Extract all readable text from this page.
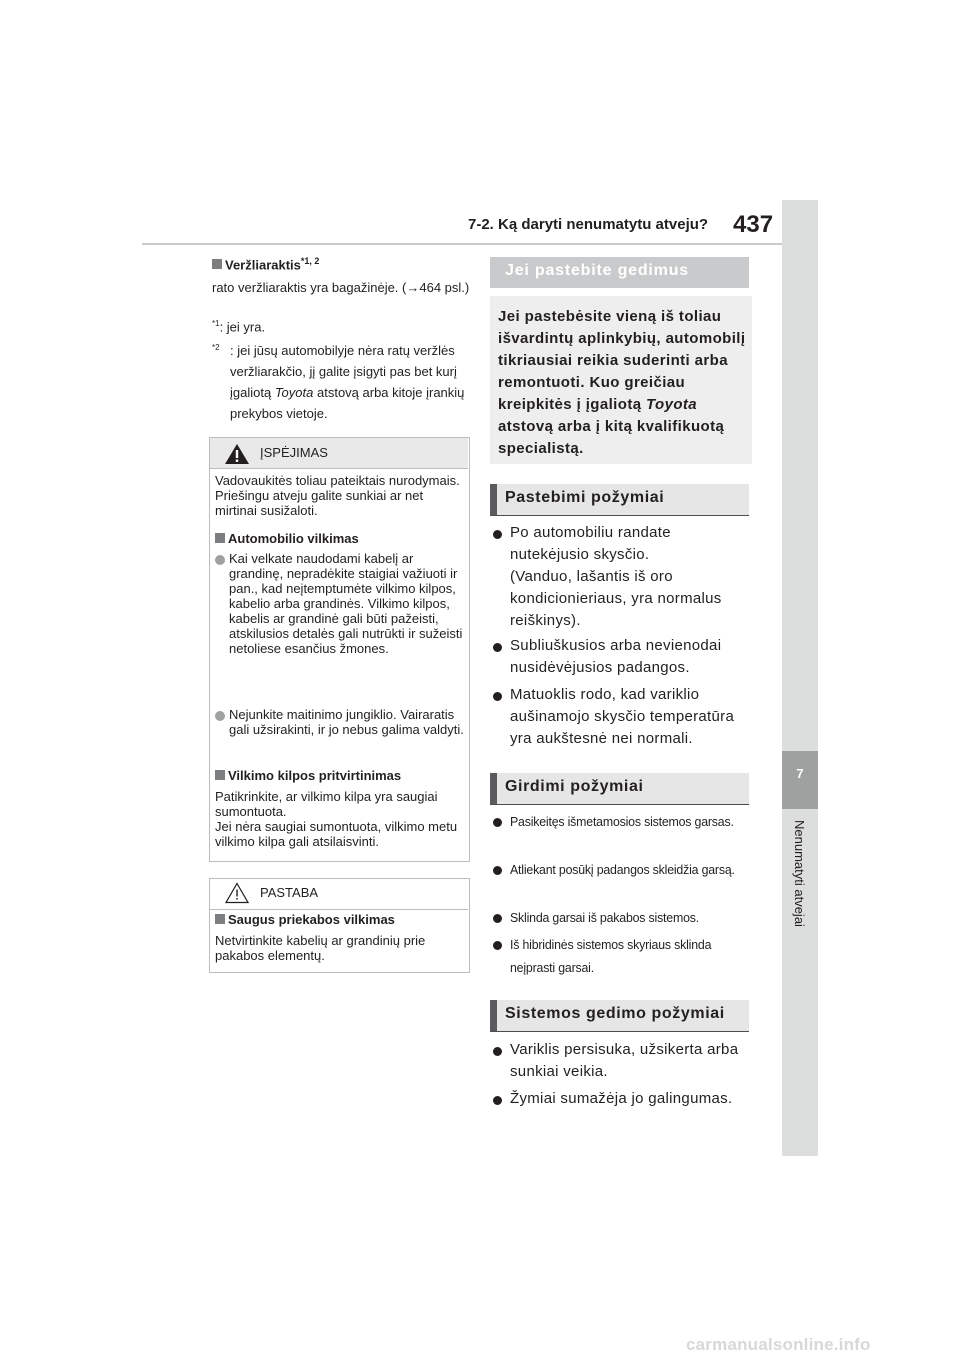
7-2. Ką daryti nenumatytu atveju? 437
7
Nenumatyti atvejai
Veržliaraktis$^{*1, 2}$
rato veržliaraktis yra bagažinėje. (→464 psl.)
$^{*1}$: jei yra.
$^{*2}$ : jei jūsų automobilyje nėra ratų veržlės veržliarakčio, jį galite įsigyti pas bet kurį įgaliotą Toyota atstovą arba kitoje įrankių prekybos vietoje.
ĮSPĖJIMAS
Vadovaukitės toliau pateiktais nurodymais. Priešingu atveju galite sunkiai ar net mirtinai susižaloti.
Automobilio vilkimas
Kai velkate naudodami kabelį ar grandinę, nepradėkite staigiai važiuoti ir pan., kad neįtemptumėte vilkimo kilpos, kabelio arba grandinės. Vilkimo kilpos, kabelis ar grandinė gali būti pažeisti, atskilusios detalės gali nutrūkti ir sužeisti netoliese esančius žmones.
Nejunkite maitinimo jungiklio. Vairaratis gali užsirakinti, ir jo nebus galima valdyti.
Vilkimo kilpos pritvirtinimas
Patikrinkite, ar vilkimo kilpa yra saugiai sumontuota.
Jei nėra saugiai sumontuota, vilkimo metu vilkimo kilpa gali atsilaisvinti.
PASTABA
Saugus priekabos vilkimas
Netvirtinkite kabelių ar grandinių prie pakabos elementų.
Jei pastebite gedimus
Jei pastebėsite vieną iš toliau išvardintų aplinkybių, automobilį tikriausiai reikia suderinti arba remontuoti. Kuo greičiau kreipkitės į įgaliotą Toyota atstovą arba į kitą kvalifikuotą specialistą.
Pastebimi požymiai
Po automobiliu randate nutekėjusio skysčio.
(Vanduo, lašantis iš oro kondicionieriaus, yra normalus reiškinys).
Subliuškusios arba nevienodai nusidėvėjusios padangos.
Matuoklis rodo, kad variklio aušinamojo skysčio temperatūra yra aukštesnė nei normali.
Girdimi požymiai
Pasikeitęs išmetamosios sistemos garsas.
Atliekant posūkį padangos skleidžia garsą.
Sklinda garsai iš pakabos sistemos.
Iš hibridinės sistemos skyriaus sklinda neįprasti garsai.
Sistemos gedimo požymiai
Variklis persisuka, užsikerta arba sunkiai veikia.
Žymiai sumažėja jo galingumas.
carmanualsonline.info
